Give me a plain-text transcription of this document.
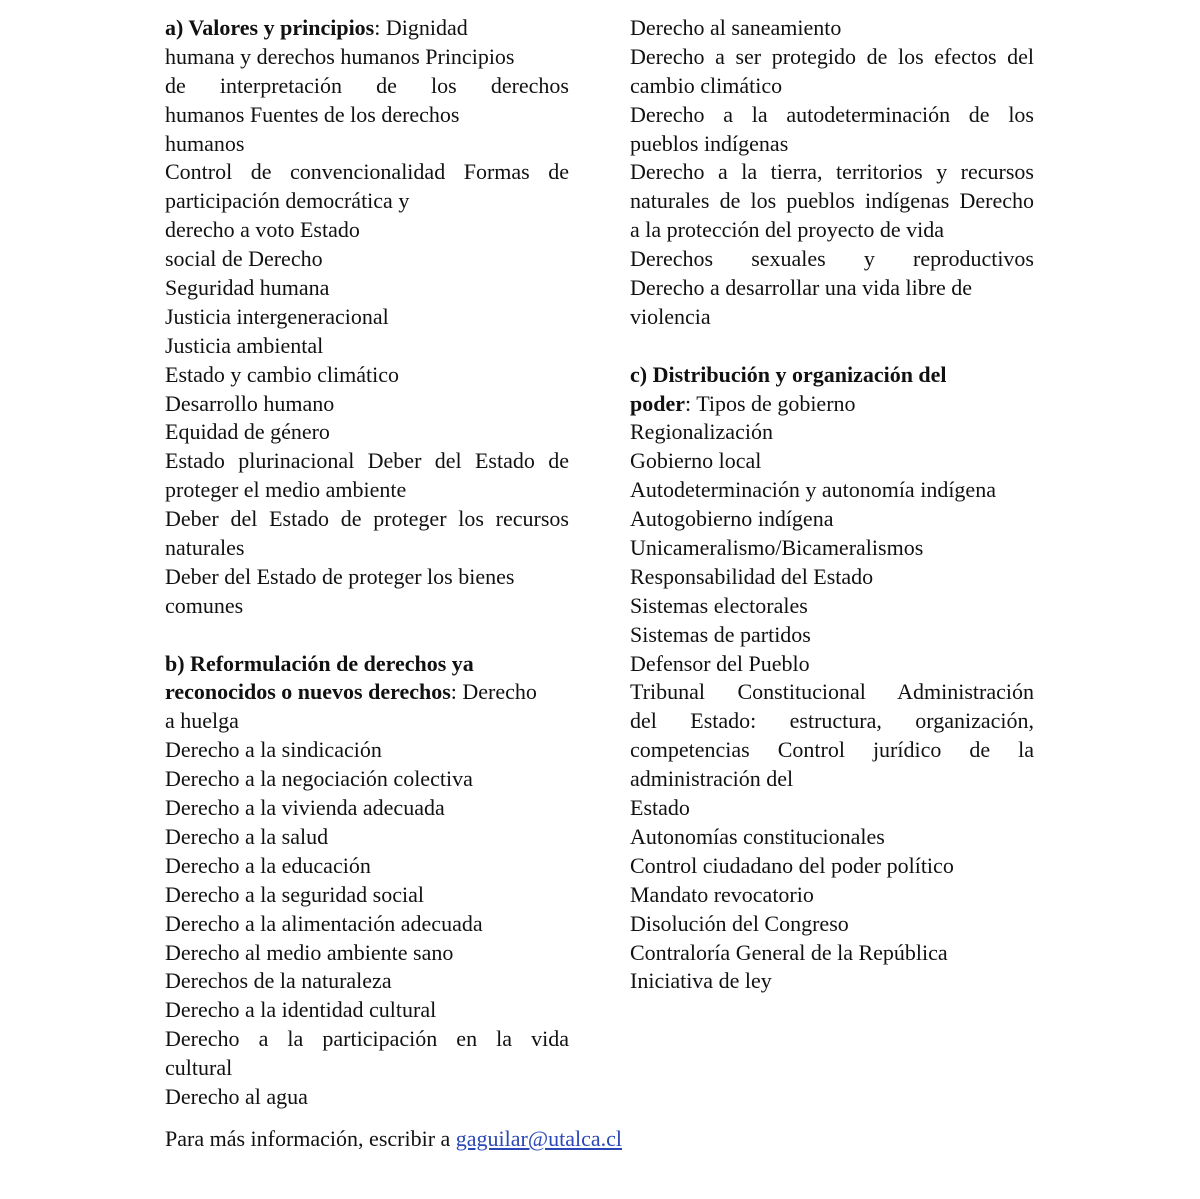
a) Valores y principios: Dignidad
humana y derechos humanos Principios
de interpretación de los derechos
humanos Fuentes de los derechos
humanos
Control de convencionalidad Formas de
participación democrática y
derecho a voto Estado
social de Derecho
Seguridad humana
Justicia intergeneracional
Justicia ambiental
Estado y cambio climático
Desarrollo humano
Equidad de género
Estado plurinacional Deber del Estado de
proteger el medio ambiente
Deber del Estado de proteger los recursos
naturales
Deber del Estado de proteger los bienes
comunes
b) Reformulación de derechos ya
reconocidos o nuevos derechos: Derecho
a huelga
Derecho a la sindicación
Derecho a la negociación colectiva
Derecho a la vivienda adecuada
Derecho a la salud
Derecho a la educación
Derecho a la seguridad social
Derecho a la alimentación adecuada
Derecho al medio ambiente sano
Derechos de la naturaleza
Derecho a la identidad cultural
Derecho a la participación en la vida
cultural
Derecho al agua
Derecho al saneamiento
Derecho a ser protegido de los efectos del
cambio climático
Derecho a la autodeterminación de los
pueblos indígenas
Derecho a la tierra, territorios y recursos
naturales de los pueblos indígenas Derecho
a la protección del proyecto de vida
Derechos sexuales y reproductivos
Derecho a desarrollar una vida libre de
violencia
c) Distribución y organización del
poder: Tipos de gobierno
Regionalización
Gobierno local
Autodeterminación y autonomía indígena
Autogobierno indígena
Unicameralismo/Bicameralismos
Responsabilidad del Estado
Sistemas electorales
Sistemas de partidos
Defensor del Pueblo
Tribunal Constitucional Administración
del Estado: estructura, organización,
competencias Control jurídico de la
administración del
Estado
Autonomías constitucionales
Control ciudadano del poder político
Mandato revocatorio
Disolución del Congreso
Contraloría General de la República
Iniciativa de ley
Para más información, escribir a gaguilar@utalca.cl
